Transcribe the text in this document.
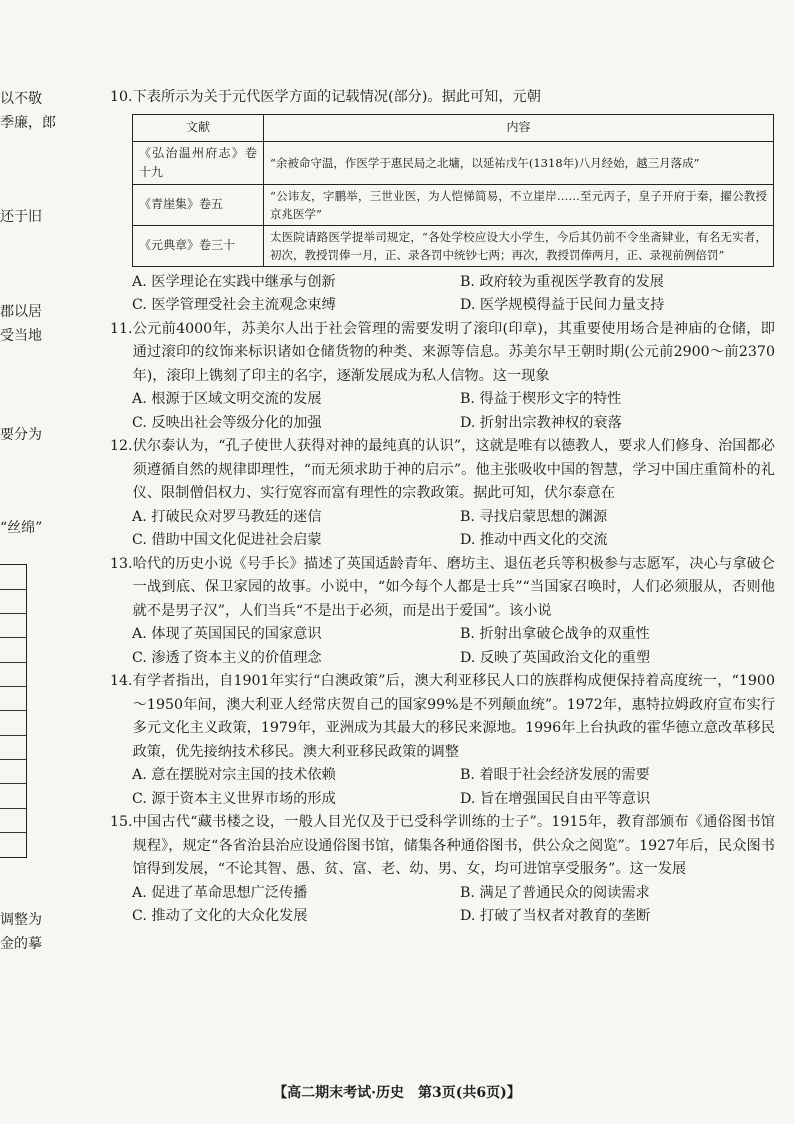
以不敬
季廉，郎
还于旧
郡以居
受当地
要分为
“丝绵”
调整为
金的摹
10. 下表所示为关于元代医学方面的记载情况(部分)。据此可知，元朝
文献	内容
《弘治温州府志》卷十九	“余被命守温，作医学于惠民局之北墉，以延祐戊午(1318年)八月经始，越三月落成”
《青崖集》卷五	“公讳友，字鹏举，三世业医，为人恺悌简易，不立崖岸……至元丙子，皇子开府于秦，擢公教授京兆医学”
《元典章》卷三十	太医院请路医学提举司规定，“各处学校应设大小学生，今后其仍前不令坐斋肄业，有名无实者，初次，教授罚俸一月，正、录各罚中统钞七两；再次，教授罚俸两月，正、录视前例倍罚”
A. 医学理论在实践中继承与创新	B. 政府较为重视医学教育的发展
C. 医学管理受社会主流观念束缚	D. 医学规模得益于民间力量支持
11. 公元前4000年，苏美尔人出于社会管理的需要发明了滚印(印章)，其重要使用场合是神庙的仓储，即通过滚印的纹饰来标识诸如仓储货物的种类、来源等信息。苏美尔早王朝时期(公元前2900～前2370年)，滚印上镌刻了印主的名字，逐渐发展成为私人信物。这一现象
A. 根源于区域文明交流的发展	B. 得益于楔形文字的特性
C. 反映出社会等级分化的加强	D. 折射出宗教神权的衰落
12. 伏尔泰认为，“孔子使世人获得对神的最纯真的认识”，这就是唯有以德教人，要求人们修身、治国都必须遵循自然的规律即理性，“而无须求助于神的启示”。他主张吸收中国的智慧，学习中国庄重简朴的礼仪、限制僧侣权力、实行宽容而富有理性的宗教政策。据此可知，伏尔泰意在
A. 打破民众对罗马教廷的迷信	B. 寻找启蒙思想的渊源
C. 借助中国文化促进社会启蒙	D. 推动中西文化的交流
13. 哈代的历史小说《号手长》描述了英国适龄青年、磨坊主、退伍老兵等积极参与志愿军，决心与拿破仑一战到底、保卫家园的故事。小说中，“如今每个人都是士兵”“当国家召唤时，人们必须服从，否则他就不是男子汉”，人们当兵“不是出于必须，而是出于爱国”。该小说
A. 体现了英国国民的国家意识	B. 折射出拿破仑战争的双重性
C. 渗透了资本主义的价值理念	D. 反映了英国政治文化的重塑
14. 有学者指出，自1901年实行“白澳政策”后，澳大利亚移民人口的族群构成便保持着高度统一，“1900～1950年间，澳大利亚人经常庆贺自己的国家99%是不列颠血统”。1972年，惠特拉姆政府宣布实行多元文化主义政策，1979年，亚洲成为其最大的移民来源地。1996年上台执政的霍华德立意改革移民政策，优先接纳技术移民。澳大利亚移民政策的调整
A. 意在摆脱对宗主国的技术依赖	B. 着眼于社会经济发展的需要
C. 源于资本主义世界市场的形成	D. 旨在增强国民自由平等意识
15. 中国古代“藏书楼之设，一般人目光仅及于已受科学训练的士子”。1915年，教育部颁布《通俗图书馆规程》，规定“各省治县治应设通俗图书馆，储集各种通俗图书，供公众之阅览”。1927年后，民众图书馆得到发展，“不论其智、愚、贫、富、老、幼、男、女，均可进馆享受服务”。这一发展
A. 促进了革命思想广泛传播	B. 满足了普通民众的阅读需求
C. 推动了文化的大众化发展	D. 打破了当权者对教育的垄断
【高二期末考试·历史　第3页(共6页)】
